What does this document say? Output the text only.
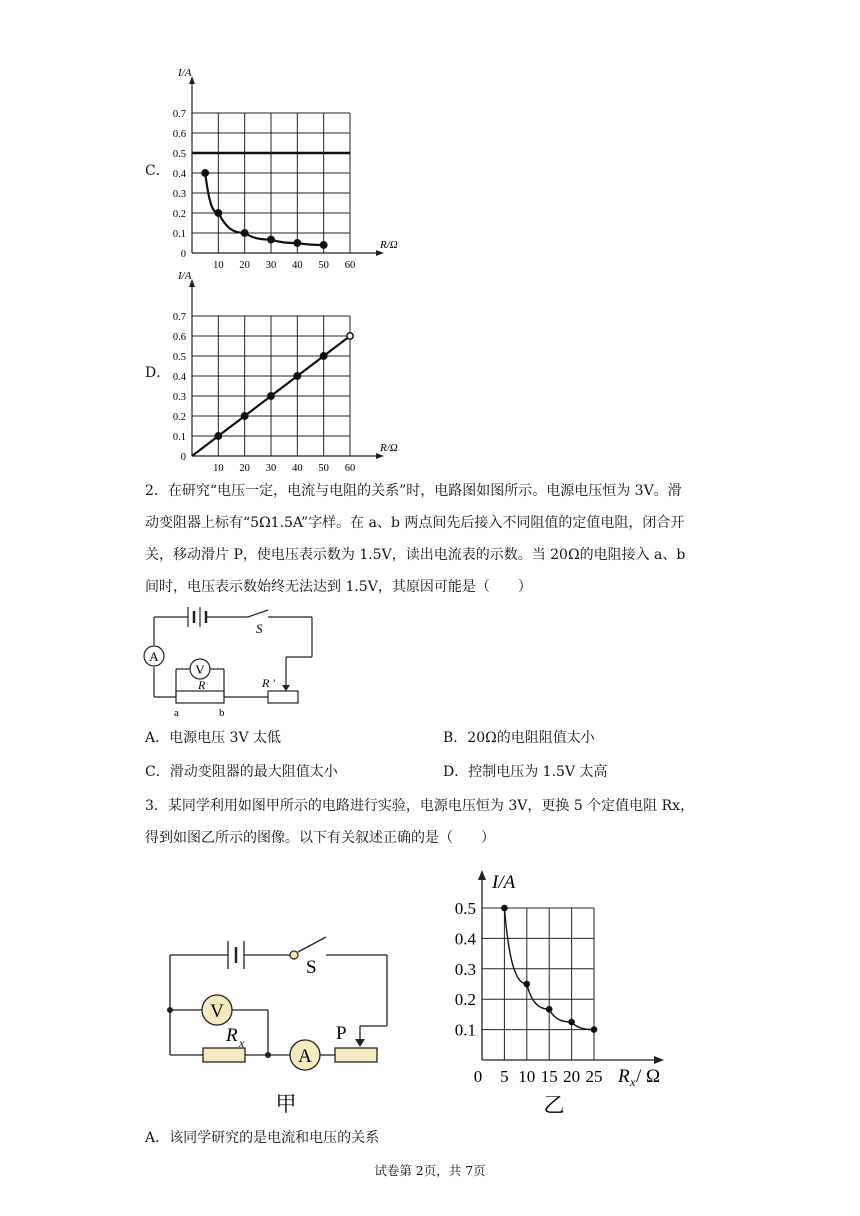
C．
I/A
R/Ω
0.7
0.6
0.5
0.4
0.3
0.2
0.1
0
10 20 30 40 50 60
D．
I/A
R/Ω
0.7
0.6
0.5
0.4
0.3
0.2
0.1
0
10 20 30 40 50 60
2．在研究“电压一定，电流与电阻的关系”时，电路图如图所示。电源电压恒为 3V。滑
动变阻器上标有“5Ω1.5A”字样。在 a、b 两点间先后接入不同阻值的定值电阻，闭合开
关，移动滑片 P，使电压表示数为 1.5V，读出电流表的示数。当 20Ω的电阻接入 a、b
间时，电压表示数始终无法达到 1.5V，其原因可能是（　　）
A
V
S
R	R ′
a	b
A．电源电压 3V 太低	B．20Ω的电阻阻值太小
C．滑动变阻器的最大阻值太小	D．控制电压为 1.5V 太高
3．某同学利用如图甲所示的电路进行实验，电源电压恒为 3V，更换 5 个定值电阻 Rx，
得到如图乙所示的图像。以下有关叙述正确的是（　　）
V
A
S
R x	P
甲
I/A
0.5
0.4
0.3
0.2
0.1
0 5 10 15 20 25 R x / Ω
乙
A．该同学研究的是电流和电压的关系
试卷第 2页，共 7页
